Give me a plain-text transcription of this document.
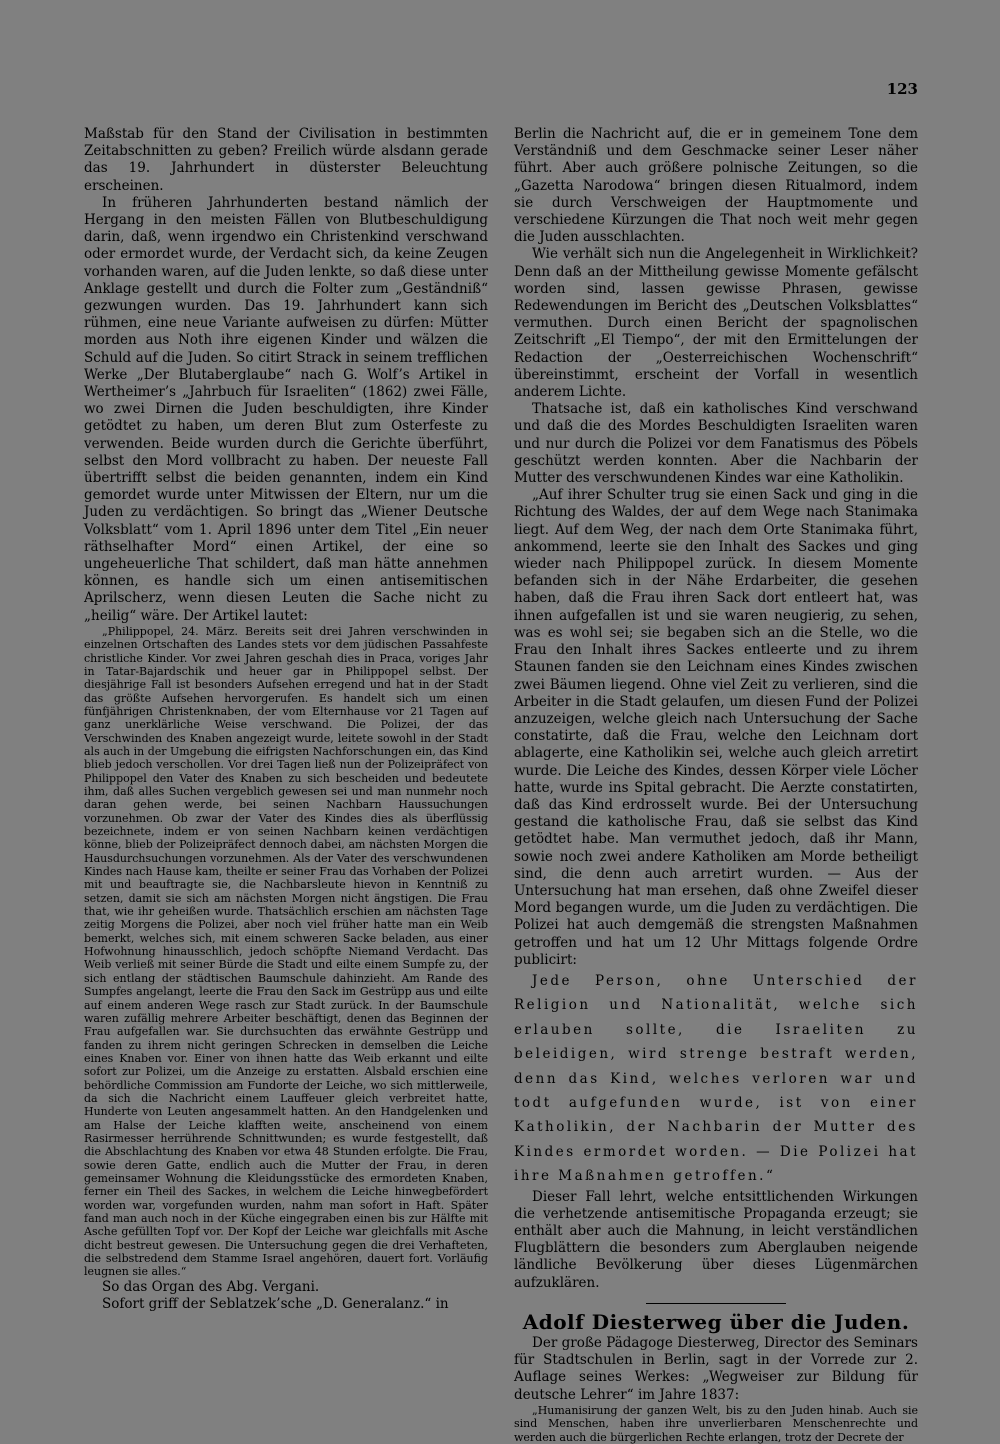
123

Maßstab für den Stand der Civilisation in bestimmten Zeitabschnitten zu geben? Freilich würde alsdann gerade das 19. Jahrhundert in düsterster Beleuchtung erscheinen.

In früheren Jahrhunderten bestand nämlich der Hergang in den meisten Fällen von Blutbeschuldigung darin, daß, wenn irgendwo ein Christenkind verschwand oder ermordet wurde, der Verdacht sich, da keine Zeugen vorhanden waren, auf die Juden lenkte, so daß diese unter Anklage gestellt und durch die Folter zum „Geständniß“ gezwungen wurden. Das 19. Jahrhundert kann sich rühmen, eine neue Variante aufweisen zu dürfen: Mütter morden aus Noth ihre eigenen Kinder und wälzen die Schuld auf die Juden. So citirt Strack in seinem trefflichen Werke „Der Blutaberglaube“ nach G. Wolf’s Artikel in Wertheimer’s „Jahrbuch für Israeliten“ (1862) zwei Fälle, wo zwei Dirnen die Juden beschuldigten, ihre Kinder getödtet zu haben, um deren Blut zum Osterfeste zu verwenden. Beide wurden durch die Gerichte überführt, selbst den Mord vollbracht zu haben. Der neueste Fall übertrifft selbst die beiden genannten, indem ein Kind gemordet wurde unter Mitwissen der Eltern, nur um die Juden zu verdächtigen. So bringt das „Wiener Deutsche Volksblatt“ vom 1. April 1896 unter dem Titel „Ein neuer räthselhafter Mord“ einen Artikel, der eine so ungeheuerliche That schildert, daß man hätte annehmen können, es handle sich um einen antisemitischen Aprilscherz, wenn diesen Leuten die Sache nicht zu „heilig“ wäre. Der Artikel lautet:

„Philippopel, 24. März. Bereits seit drei Jahren verschwinden in einzelnen Ortschaften des Landes stets vor dem jüdischen Passahfeste christliche Kinder. Vor zwei Jahren geschah dies in Praca, voriges Jahr in Tatar-Bajardschik und heuer gar in Philippopel selbst. Der diesjährige Fall ist besonders Aufsehen erregend und hat in der Stadt das größte Aufsehen hervorgerufen. Es handelt sich um einen fünfjährigen Christenknaben, der vom Elternhause vor 21 Tagen auf ganz unerklärliche Weise verschwand. Die Polizei, der das Verschwinden des Knaben angezeigt wurde, leitete sowohl in der Stadt als auch in der Umgebung die eifrigsten Nachforschungen ein, das Kind blieb jedoch verschollen. Vor drei Tagen ließ nun der Polizeipräfect von Philippopel den Vater des Knaben zu sich bescheiden und bedeutete ihm, daß alles Suchen vergeblich gewesen sei und man nunmehr noch daran gehen werde, bei seinen Nachbarn Haussuchungen vorzunehmen. Ob zwar der Vater des Kindes dies als überflüssig bezeichnete, indem er von seinen Nachbarn keinen verdächtigen könne, blieb der Polizeipräfect dennoch dabei, am nächsten Morgen die Hausdurchsuchungen vorzunehmen. Als der Vater des verschwundenen Kindes nach Hause kam, theilte er seiner Frau das Vorhaben der Polizei mit und beauftragte sie, die Nachbarsleute hievon in Kenntniß zu setzen, damit sie sich am nächsten Morgen nicht ängstigen. Die Frau that, wie ihr geheißen wurde. Thatsächlich erschien am nächsten Tage zeitig Morgens die Polizei, aber noch viel früher hatte man ein Weib bemerkt, welches sich, mit einem schweren Sacke beladen, aus einer Hofwohnung hinausschlich, jedoch schöpfte Niemand Verdacht. Das Weib verließ mit seiner Bürde die Stadt und eilte einem Sumpfe zu, der sich entlang der städtischen Baumschule dahinzieht. Am Rande des Sumpfes angelangt, leerte die Frau den Sack im Gestrüpp aus und eilte auf einem anderen Wege rasch zur Stadt zurück. In der Baumschule waren zufällig mehrere Arbeiter beschäftigt, denen das Beginnen der Frau aufgefallen war. Sie durchsuchten das erwähnte Gestrüpp und fanden zu ihrem nicht geringen Schrecken in demselben die Leiche eines Knaben vor. Einer von ihnen hatte das Weib erkannt und eilte sofort zur Polizei, um die Anzeige zu erstatten. Alsbald erschien eine behördliche Commission am Fundorte der Leiche, wo sich mittlerweile, da sich die Nachricht einem Lauffeuer gleich verbreitet hatte, Hunderte von Leuten angesammelt hatten. An den Handgelenken und am Halse der Leiche klafften weite, anscheinend von einem Rasirmesser herrührende Schnittwunden; es wurde festgestellt, daß die Abschlachtung des Knaben vor etwa 48 Stunden erfolgte. Die Frau, sowie deren Gatte, endlich auch die Mutter der Frau, in deren gemeinsamer Wohnung die Kleidungsstücke des ermordeten Knaben, ferner ein Theil des Sackes, in welchem die Leiche hinwegbefördert worden war, vorgefunden wurden, nahm man sofort in Haft. Später fand man auch noch in der Küche eingegraben einen bis zur Hälfte mit Asche gefüllten Topf vor. Der Kopf der Leiche war gleichfalls mit Asche dicht bestreut gewesen. Die Untersuchung gegen die drei Verhafteten, die selbstredend dem Stamme Israel angehören, dauert fort. Vorläufig leugnen sie alles.“

So das Organ des Abg. Vergani.

Sofort griff der Seblatzek’sche „D. Generalanz.“ in

Berlin die Nachricht auf, die er in gemeinem Tone dem Verständniß und dem Geschmacke seiner Leser näher führt. Aber auch größere polnische Zeitungen, so die „Gazetta Narodowa“ bringen diesen Ritualmord, indem sie durch Verschweigen der Hauptmomente und verschiedene Kürzungen die That noch weit mehr gegen die Juden ausschlachten.

Wie verhält sich nun die Angelegenheit in Wirklichkeit? Denn daß an der Mittheilung gewisse Momente gefälscht worden sind, lassen gewisse Phrasen, gewisse Redewendungen im Bericht des „Deutschen Volksblattes“ vermuthen. Durch einen Bericht der spagnolischen Zeitschrift „El Tiempo“, der mit den Ermittelungen der Redaction der „Oesterreichischen Wochenschrift“ übereinstimmt, erscheint der Vorfall in wesentlich anderem Lichte.

Thatsache ist, daß ein katholisches Kind verschwand und daß die des Mordes Beschuldigten Israeliten waren und nur durch die Polizei vor dem Fanatismus des Pöbels geschützt werden konnten. Aber die Nachbarin der Mutter des verschwundenen Kindes war eine Katholikin.

„Auf ihrer Schulter trug sie einen Sack und ging in die Richtung des Waldes, der auf dem Wege nach Stanimaka liegt. Auf dem Weg, der nach dem Orte Stanimaka führt, ankommend, leerte sie den Inhalt des Sackes und ging wieder nach Philippopel zurück. In diesem Momente befanden sich in der Nähe Erdarbeiter, die gesehen haben, daß die Frau ihren Sack dort entleert hat, was ihnen aufgefallen ist und sie waren neugierig, zu sehen, was es wohl sei; sie begaben sich an die Stelle, wo die Frau den Inhalt ihres Sackes entleerte und zu ihrem Staunen fanden sie den Leichnam eines Kindes zwischen zwei Bäumen liegend. Ohne viel Zeit zu verlieren, sind die Arbeiter in die Stadt gelaufen, um diesen Fund der Polizei anzuzeigen, welche gleich nach Untersuchung der Sache constatirte, daß die Frau, welche den Leichnam dort ablagerte, eine Katholikin sei, welche auch gleich arretirt wurde. Die Leiche des Kindes, dessen Körper viele Löcher hatte, wurde ins Spital gebracht. Die Aerzte constatirten, daß das Kind erdrosselt wurde. Bei der Untersuchung gestand die katholische Frau, daß sie selbst das Kind getödtet habe. Man vermuthet jedoch, daß ihr Mann, sowie noch zwei andere Katholiken am Morde betheiligt sind, die denn auch arretirt wurden. — Aus der Untersuchung hat man ersehen, daß ohne Zweifel dieser Mord begangen wurde, um die Juden zu verdächtigen. Die Polizei hat auch demgemäß die strengsten Maßnahmen getroffen und hat um 12 Uhr Mittags folgende Ordre publicirt:

Jede Person, ohne Unterschied der Religion und Nationalität, welche sich erlauben sollte, die Israeliten zu beleidigen, wird strenge bestraft werden, denn das Kind, welches verloren war und todt aufgefunden wurde, ist von einer Katholikin, der Nachbarin der Mutter des Kindes ermordet worden. — Die Polizei hat ihre Maßnahmen getroffen.“

Dieser Fall lehrt, welche entsittlichenden Wirkungen die verhetzende antisemitische Propaganda erzeugt; sie enthält aber auch die Mahnung, in leicht verständlichen Flugblättern die besonders zum Aberglauben neigende ländliche Bevölkerung über dieses Lügenmärchen aufzuklären.

Adolf Diesterweg über die Juden.

Der große Pädagoge Diesterweg, Director des Seminars für Stadtschulen in Berlin, sagt in der Vorrede zur 2. Auflage seines Werkes: „Wegweiser zur Bildung für deutsche Lehrer“ im Jahre 1837:

„Humanisirung der ganzen Welt, bis zu den Juden hinab. Auch sie sind Menschen, haben ihre unverlierbaren Menschenrechte und werden auch die bürgerlichen Rechte erlangen, trotz der Decrete der
